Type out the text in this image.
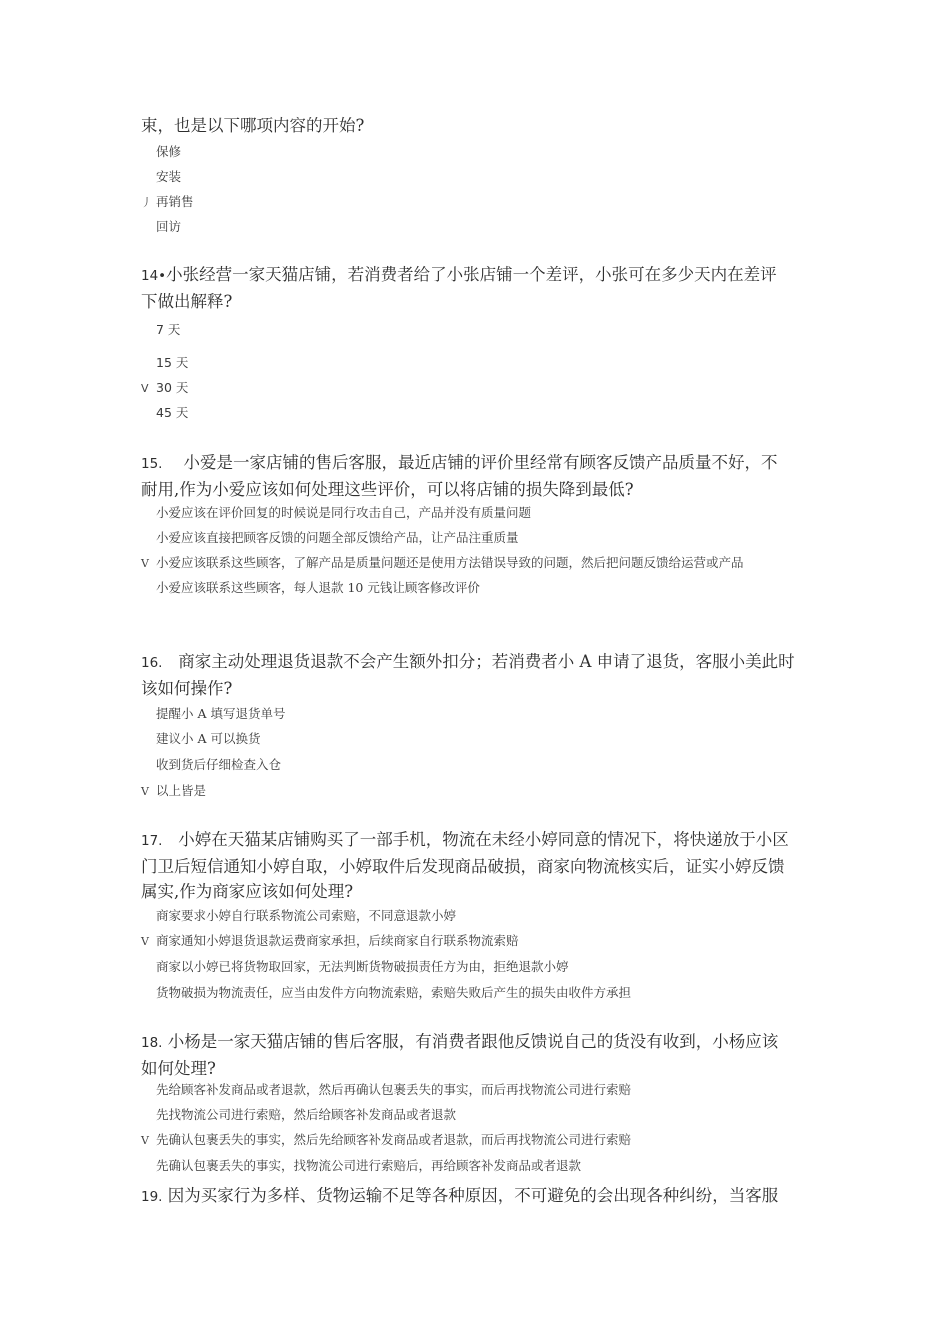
束，也是以下哪项内容的开始?
保修
安装
丿 再销售
回访
14•小张经营一家天猫店铺，若消费者给了小张店铺一个差评，小张可在多少天内在差评
下做出解释?
7 天
15 天
V 30 天
45 天
15. 小爱是一家店铺的售后客服，最近店铺的评价里经常有顾客反馈产品质量不好，不
耐用,作为小爱应该如何处理这些评价，可以将店铺的损失降到最低?
小爱应该在评价回复的时候说是同行攻击自己，产品并没有质量问题
小爱应该直接把顾客反馈的问题全部反馈给产品，让产品注重质量
V 小爱应该联系这些顾客，了解产品是质量问题还是使用方法错误导致的问题，然后把问题反馈给运营或产品
小爱应该联系这些顾客，每人退款 10 元钱让顾客修改评价
16. 商家主动处理退货退款不会产生额外扣分；若消费者小 A 申请了退货，客服小美此时
该如何操作?
提醒小 A 填写退货单号
建议小 A 可以换货
收到货后仔细检查入仓
V 以上皆是
17. 小婷在天猫某店铺购买了一部手机，物流在未经小婷同意的情况下，将快递放于小区
门卫后短信通知小婷自取，小婷取件后发现商品破损，商家向物流核实后，证实小婷反馈
属实,作为商家应该如何处理?
商家要求小婷自行联系物流公司索赔，不同意退款小婷
V 商家通知小婷退货退款运费商家承担，后续商家自行联系物流索赔
商家以小婷已将货物取回家，无法判断货物破损责任方为由，拒绝退款小婷
货物破损为物流责任，应当由发件方向物流索赔，索赔失败后产生的损失由收件方承担
18. 小杨是一家天猫店铺的售后客服，有消费者跟他反馈说自己的货没有收到，小杨应该
如何处理?
先给顾客补发商品或者退款，然后再确认包裹丢失的事实，而后再找物流公司进行索赔
先找物流公司进行索赔，然后给顾客补发商品或者退款
V 先确认包裹丢失的事实，然后先给顾客补发商品或者退款，而后再找物流公司进行索赔
先确认包裹丢失的事实，找物流公司进行索赔后，再给顾客补发商品或者退款
19. 因为买家行为多样、货物运输不足等各种原因，不可避免的会出现各种纠纷，当客服
